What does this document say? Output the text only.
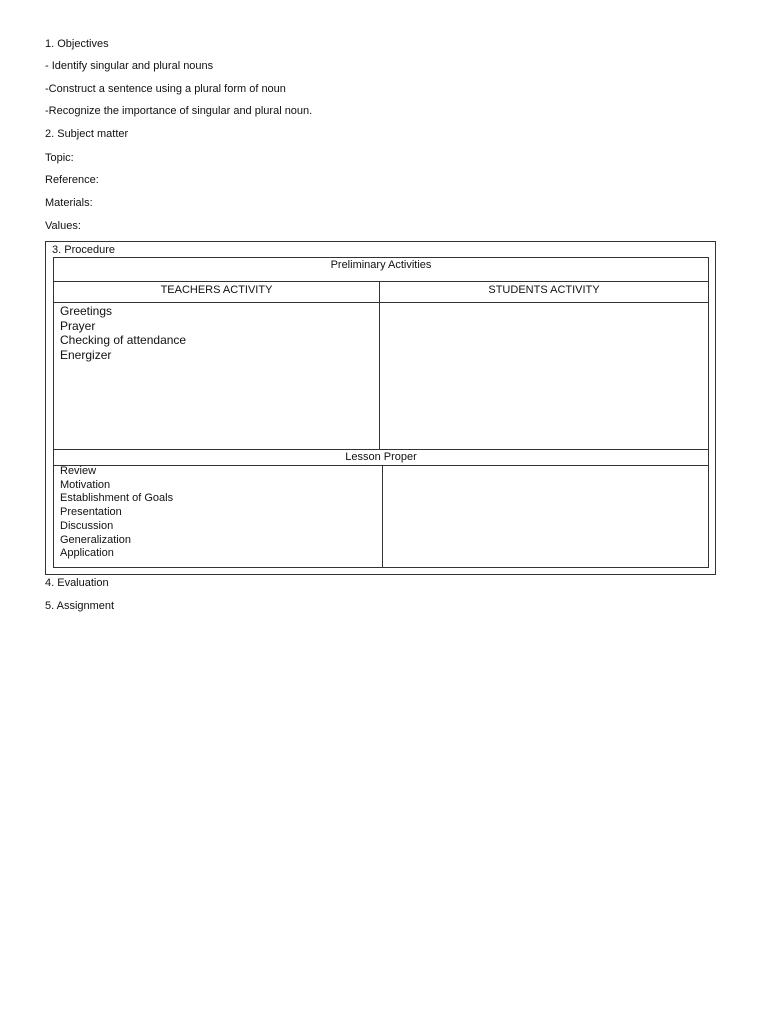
1. Objectives
- Identify singular and plural nouns
-Construct a sentence using a plural form of noun
-Recognize the importance of singular and plural noun.
2. Subject matter
Topic:
Reference:
Materials:
Values:
3. Procedure
Preliminary Activities
TEACHERS ACTIVITY	STUDENTS ACTIVITY
Greetings
Prayer
Checking of attendance
Energizer
Lesson Proper
Review
Motivation
Establishment of Goals
Presentation
Discussion
Generalization
Application
4. Evaluation
5. Assignment
